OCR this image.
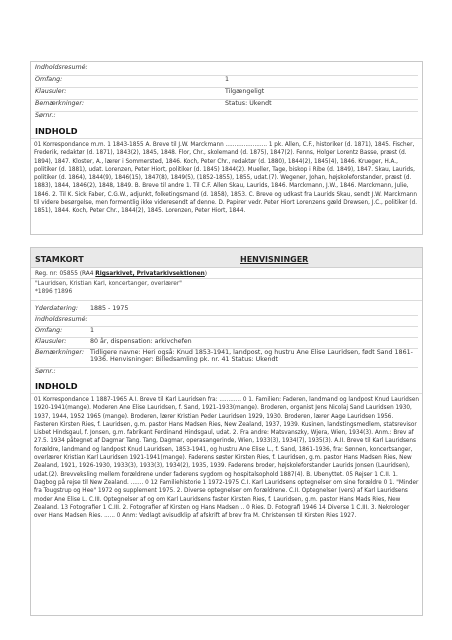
Indholdsresumé:
Omfang:	1
Klausuler:	Tilgængeligt
Bemærkninger:	Status: Ukendt
Sørnr.:
INDHOLD
01 Korrespondance m.m. 1 1843-1855 A. Breve til J.W. Marckmann ....................... 1 pk. Allen, C.F., historiker (d. 1871), 1845. Fischer, Frederik, redaktør (d. 1871), 1843(2), 1845, 1848. Flor, Chr., skolemand (d. 1875), 1847(2). Fenns, Holger Lorentz Basse, præst (d. 1894), 1847. Kloster, A., lærer i Sommersted, 1846. Koch, Peter Chr., redaktør (d. 1880), 1844(2), 1845(4), 1846. Krueger, H.A., politiker (d. 1881), udat. Lorenzen, Peter Hiort, politiker (d. 1845) 1844(2). Mueller, Tage, biskop i Ribe (d. 1849), 1847. Skau, Laurids, politiker (d. 1864), 1844(9), 1846(15), 1847(8), 1849(5), (1852-1855), 1855, udat.(7). Wegener, Johan, højskoleforstander, præst (d. 1883), 1844, 1846(2), 1848, 1849. B. Breve til andre 1. Til C.F. Allen Skau, Laurids, 1846. Marckmann, J.W., 1846. Marckmann, Julie, 1846. 2. Til K. Sick Faber, C.G.W., adjunkt, folketingsmand (d. 1858), 1853. C. Breve og udkast fra Laurids Skau, sendt J.W. Marckmann til videre besørgelse, men formentlig ikke videresendt af denne. D. Papirer vedr. Peter Hiort Lorenzens gæld Drewsen, J.C., politiker (d. 1851), 1844. Koch, Peter Chr., 1844(2), 1845. Lorenzen, Peter Hiort, 1844.
STAMKORT	HENVISNINGER
Reg. nr: 05855 (RA4 Rigsarkivet, Privatarkivsektionen)
"Lauridsen, Kristian Karl, koncertanger, overlærer"
*1896 †1896
Yderdatering:	1885 - 1975
Indholdsresumé:
Omfang:	1
Klausuler:	80 år, dispensation: arkivchefen
Bemærkninger: Tidligere navne: Heri også: Knud 1853-1941, landpost, og hustru Ane Elise Lauridsen, født Sand 1861-1936. Henvisninger: Billedsamling pk. nr. 41 Status: Ukendt
Sørnr.:
INDHOLD
01 Korrespondance 1 1887-1965 A.I. Breve til Karl Lauridsen fra: ............ 0 1. Familien: Faderen, landmand og landpost Knud Lauridsen 1920-1941(mange). Moderen Ane Elise Lauridsen, f. Sand, 1921-1933(mange). Broderen, organist Jens Nicolaj Sand Lauridsen 1930, 1937, 1944, 1952 1965 (mange). Broderen, lærer Kristian Peder Lauridsen 1929, 1930. Broderen, lærer Aage Lauridsen 1956. Fasteren Kirsten Ries, f. Lauridsen, g.m. pastor Hans Madsen Ries, New Zealand, 1937, 1939. Kusinen, landstingsmedlem, statsrevisor Lisbet Hindsgaul, f. Jonsen, g.m. fabrikant Ferdinand Hindsgaul, udat. 2. Fra andre: Matsvanszky, Wjera, Wien, 1934(3). Anm.: Brev af 27.5. 1934 påtegnet af Dagmar Tang. Tang, Dagmar, operasangerinde, Wien, 1933(3), 1934(7), 1935(3). A.II. Breve til Karl Lauridsens forældre, landmand og landpost Knud Lauridsen, 1853-1941, og hustru Ane Elise L., f. Sand, 1861-1936, fra: Sønnen, koncertsanger, overlærer Kristian Karl Lauridsen 1921-1941(mange). Faderens søster Kirsten Ries, f. Lauridsen, g.m. pastor Hans Madsen Ries, New Zealand, 1921, 1926-1930, 1933(3), 1933(3), 1934(2), 1935, 1939. Faderens broder, højskoleforstander Laurids Jonsen (Lauridsen), udat.(2). Brevveksling mellem forældrene under faderens sygdom og hospitalsophold 1887(4). B. Ubenyttet. 05 Rejser 1 C.II. 1. Dagbog på rejse til New Zealand. ....... 0 12 Familiehistorie 1 1972-1975 C.I. Karl Lauridsens optegnelser om sine forældre 0 1. "Minder fra Tougstrup og Hee" 1972 og supplement 1975. 2. Diverse optegnelser om forældrene. C.II. Optegnelser (vers) af Karl Lauridsens moder Ane Elise L. C.III. Optegnelser af og om Karl Lauridsens faster Kirsten Ries, f. Lauridsen, g.m. pastor Hans Mads Ries, New Zealand. 13 Fotografier 1 C.III. 2. Fotografier af Kirsten og Hans Madsen .. 0 Ries. D. Fotografi 1946 14 Diverse 1 C.III. 3. Nekrologer over Hans Madsen Ries. ...... 0 Anm: Vedlagt avisudklip af afskrift af brev fra M. Christensen til Kirsten Ries 1927.
